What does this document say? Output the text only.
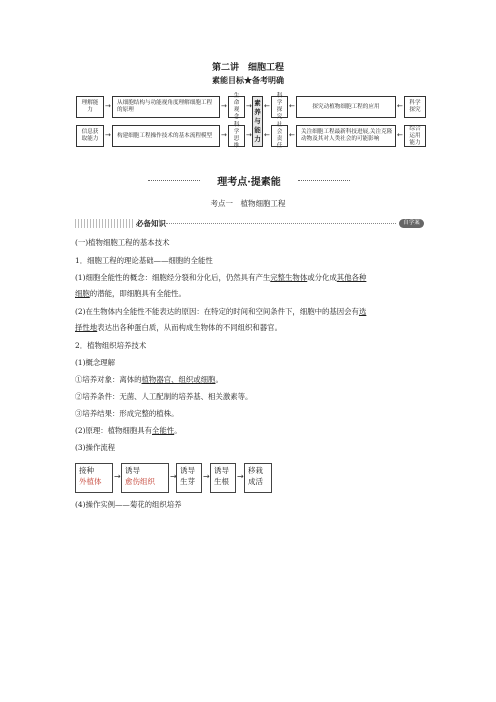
第二讲　细胞工程
素能目标★备考明确
理解能力	→	从细胞结构与功能视角度理解细胞工程的原理	→
生命观念
信息获取能力 →	构建细胞工程操作技术的基本流程模型	→
科学思维
→
→
素
养
与
能
力
←
←
科学探究
←	探究动植物细胞工程的应用	←	科学探究
社会责任
←	关注细胞工程最新科技进展,关注克隆动物及其对人类社会的可能影响	←
综合运用能力
理考点·提素能
考点一　植物细胞工程
必备知识	自学案
(一)植物细胞工程的基本技术
1．细胞工程的理论基础——细胞的全能性
(1)细胞全能性的概念：细胞经分裂和分化后，仍然具有产生完整生物体或分化成其他各种
细胞的潜能，即细胞具有全能性。
(2)在生物体内全能性不能表达的原因：在特定的时间和空间条件下，细胞中的基因会有选
择性地表达出各种蛋白质，从而构成生物体的不同组织和器官。
2．植物组织培养技术
(1)概念理解
①培养对象：离体的植物器官、组织或细胞。
②培养条件：无菌、人工配制的培养基、相关激素等。
③培养结果：形成完整的植株。
(2)原理：植物细胞具有全能性。
(3)操作流程
接种
外植体
→
诱导
愈伤组织
→
诱导
生芽
→
诱导
生根
→
移栽
成活
(4)操作实例——菊花的组织培养
